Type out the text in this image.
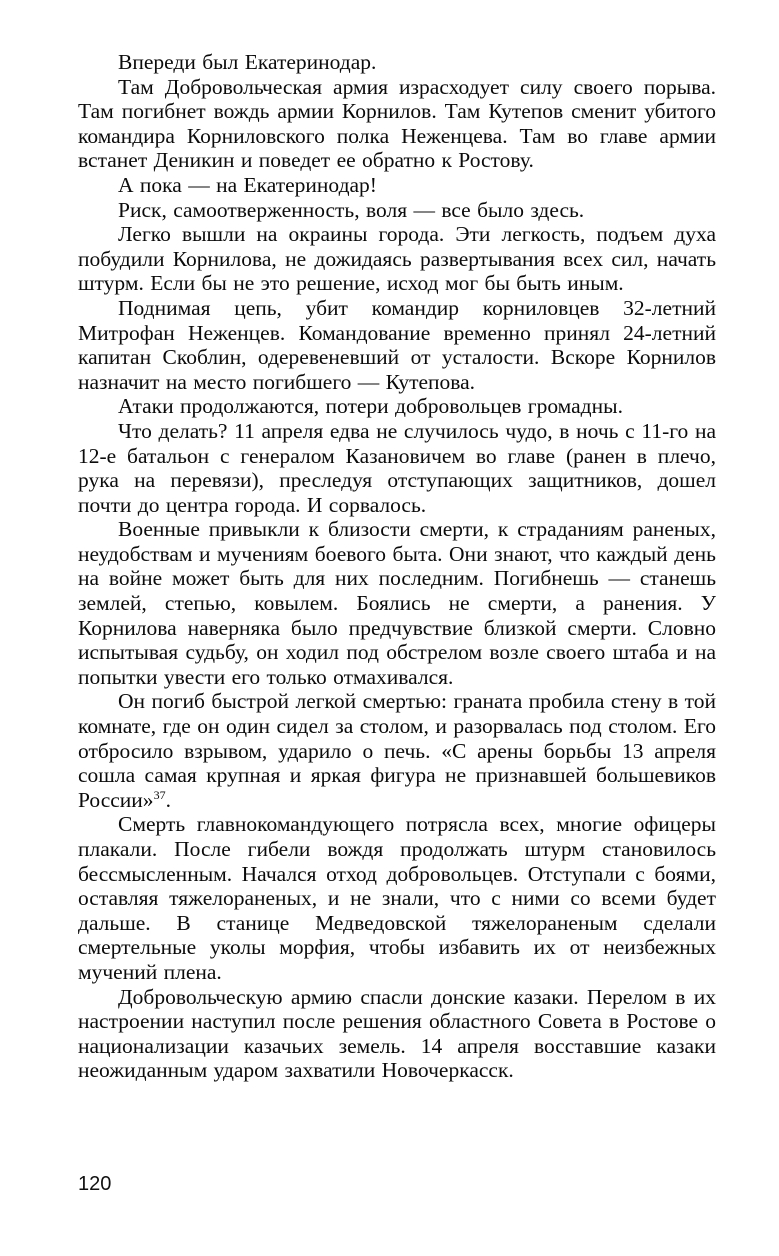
Впереди был Екатеринодар.

Там Добровольческая армия израсходует силу своего порыва. Там погибнет вождь армии Корнилов. Там Кутепов сменит убитого командира Корниловского полка Неженцева. Там во главе армии встанет Деникин и поведет ее обратно к Ростову.

А пока — на Екатеринодар!

Риск, самоотверженность, воля — все было здесь.

Легко вышли на окраины города. Эти легкость, подъем духа побудили Корнилова, не дожидаясь развертывания всех сил, начать штурм. Если бы не это решение, исход мог бы быть иным.

Поднимая цепь, убит командир корниловцев 32-летний Митрофан Неженцев. Командование временно принял 24-летний капитан Скоблин, одеревеневший от усталости. Вскоре Корнилов назначит на место погибшего — Кутепова.

Атаки продолжаются, потери добровольцев громадны.

Что делать? 11 апреля едва не случилось чудо, в ночь с 11-го на 12-е батальон с генералом Казановичем во главе (ранен в плечо, рука на перевязи), преследуя отступающих защитников, дошел почти до центра города. И сорвалось.

Военные привыкли к близости смерти, к страданиям раненых, неудобствам и мучениям боевого быта. Они знают, что каждый день на войне может быть для них последним. Погибнешь — станешь землей, степью, ковылем. Боялись не смерти, а ранения. У Корнилова наверняка было предчувствие близкой смерти. Словно испытывая судьбу, он ходил под обстрелом возле своего штаба и на попытки увести его только отмахивался.

Он погиб быстрой легкой смертью: граната пробила стену в той комнате, где он один сидел за столом, и разорвалась под столом. Его отбросило взрывом, ударило о печь. «С арены борьбы 13 апреля сошла самая крупная и яркая фигура не признавшей большевиков России»$^{37}$.

Смерть главнокомандующего потрясла всех, многие офицеры плакали. После гибели вождя продолжать штурм становилось бессмысленным. Начался отход добровольцев. Отступали с боями, оставляя тяжелораненых, и не знали, что с ними со всеми будет дальше. В станице Медведовской тяжелораненым сделали смертельные уколы морфия, чтобы избавить их от неизбежных мучений плена.

Добровольческую армию спасли донские казаки. Перелом в их настроении наступил после решения областного Совета в Ростове о национализации казачьих земель. 14 апреля восставшие казаки неожиданным ударом захватили Новочеркасск.

120
